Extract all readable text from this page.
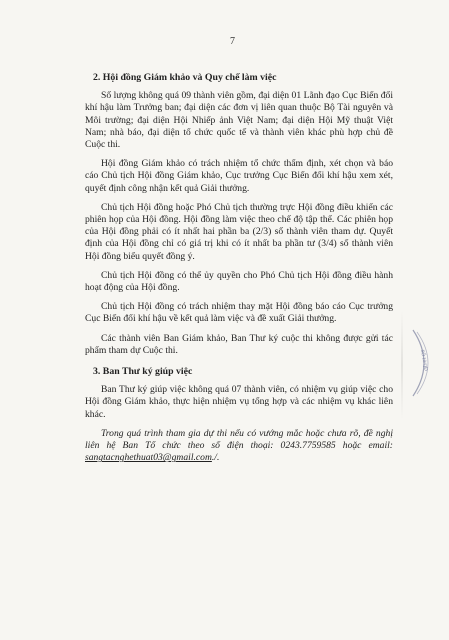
7
2. Hội đồng Giám khảo và Quy chế làm việc

Số lượng không quá 09 thành viên gồm, đại diện 01 Lãnh đạo Cục Biến đổi khí hậu làm Trưởng ban; đại diện các đơn vị liên quan thuộc Bộ Tài nguyên và Môi trường; đại diện Hội Nhiếp ảnh Việt Nam; đại diện Hội Mỹ thuật Việt Nam; nhà báo, đại diện tổ chức quốc tế và thành viên khác phù hợp chủ đề Cuộc thi.

Hội đồng Giám khảo có trách nhiệm tổ chức thẩm định, xét chọn và báo cáo Chủ tịch Hội đồng Giám khảo, Cục trưởng Cục Biến đổi khí hậu xem xét, quyết định công nhận kết quả Giải thưởng.

Chủ tịch Hội đồng hoặc Phó Chủ tịch thường trực Hội đồng điều khiển các phiên họp của Hội đồng. Hội đồng làm việc theo chế độ tập thể. Các phiên họp của Hội đồng phải có ít nhất hai phần ba (2/3) số thành viên tham dự. Quyết định của Hội đồng chỉ có giá trị khi có ít nhất ba phần tư (3/4) số thành viên Hội đồng biểu quyết đồng ý.

Chủ tịch Hội đồng có thể ủy quyền cho Phó Chủ tịch Hội đồng điều hành hoạt động của Hội đồng.

Chủ tịch Hội đồng có trách nhiệm thay mặt Hội đồng báo cáo Cục trưởng Cục Biến đổi khí hậu về kết quả làm việc và đề xuất Giải thưởng.

Các thành viên Ban Giám khảo, Ban Thư ký cuộc thi không được gửi tác phẩm tham dự Cuộc thi.

3. Ban Thư ký giúp việc

Ban Thư ký giúp việc không quá 07 thành viên, có nhiệm vụ giúp việc cho Hội đồng Giám khảo, thực hiện nhiệm vụ tổng hợp và các nhiệm vụ khác liên khác.

Trong quá trình tham gia dự thi nếu có vướng mắc hoặc chưa rõ, đề nghị liên hệ Ban Tổ chức theo số điện thoại: 0243.7759585 hoặc email: sangtacnghethuat03@gmail.com./.

SỐ 10/QĐ
